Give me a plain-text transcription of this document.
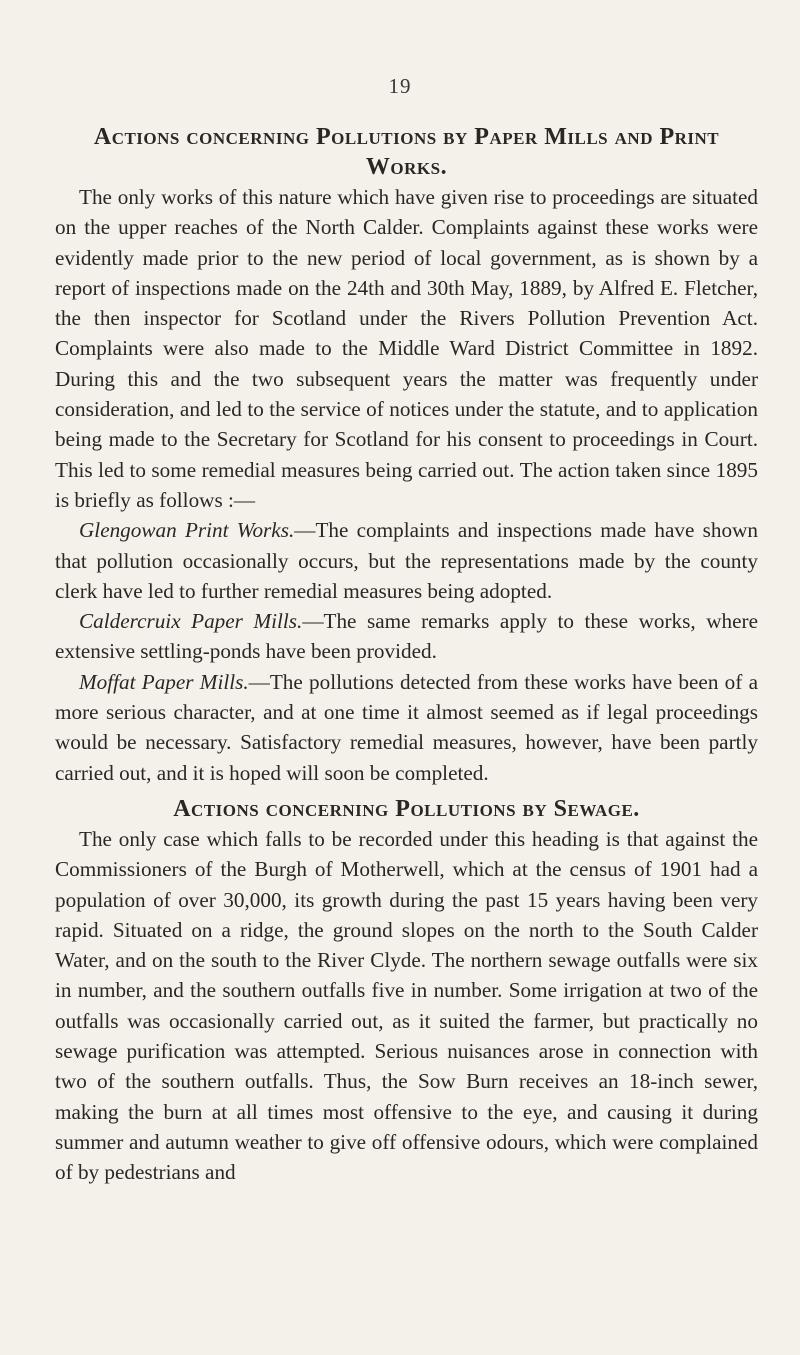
19
Actions concerning Pollutions by Paper Mills and Print Works.

The only works of this nature which have given rise to proceedings are situated on the upper reaches of the North Calder. Complaints against these works were evidently made prior to the new period of local government, as is shown by a report of inspections made on the 24th and 30th May, 1889, by Alfred E. Fletcher, the then inspector for Scotland under the Rivers Pollution Prevention Act. Complaints were also made to the Middle Ward District Committee in 1892. During this and the two subsequent years the matter was frequently under consideration, and led to the service of notices under the statute, and to application being made to the Secretary for Scotland for his consent to proceedings in Court. This led to some remedial measures being carried out. The action taken since 1895 is briefly as follows :—

Glengowan Print Works.—The complaints and inspections made have shown that pollution occasionally occurs, but the representations made by the county clerk have led to further remedial measures being adopted.

Caldercruix Paper Mills.—The same remarks apply to these works, where extensive settling-ponds have been provided.

Moffat Paper Mills.—The pollutions detected from these works have been of a more serious character, and at one time it almost seemed as if legal proceedings would be necessary. Satisfactory remedial measures, however, have been partly carried out, and it is hoped will soon be completed.

Actions concerning Pollutions by Sewage.

The only case which falls to be recorded under this heading is that against the Commissioners of the Burgh of Motherwell, which at the census of 1901 had a population of over 30,000, its growth during the past 15 years having been very rapid. Situated on a ridge, the ground slopes on the north to the South Calder Water, and on the south to the River Clyde. The northern sewage outfalls were six in number, and the southern outfalls five in number. Some irrigation at two of the outfalls was occasionally carried out, as it suited the farmer, but practically no sewage purification was attempted. Serious nuisances arose in connection with two of the southern outfalls. Thus, the Sow Burn receives an 18-inch sewer, making the burn at all times most offensive to the eye, and causing it during summer and autumn weather to give off offensive odours, which were complained of by pedestrians and
